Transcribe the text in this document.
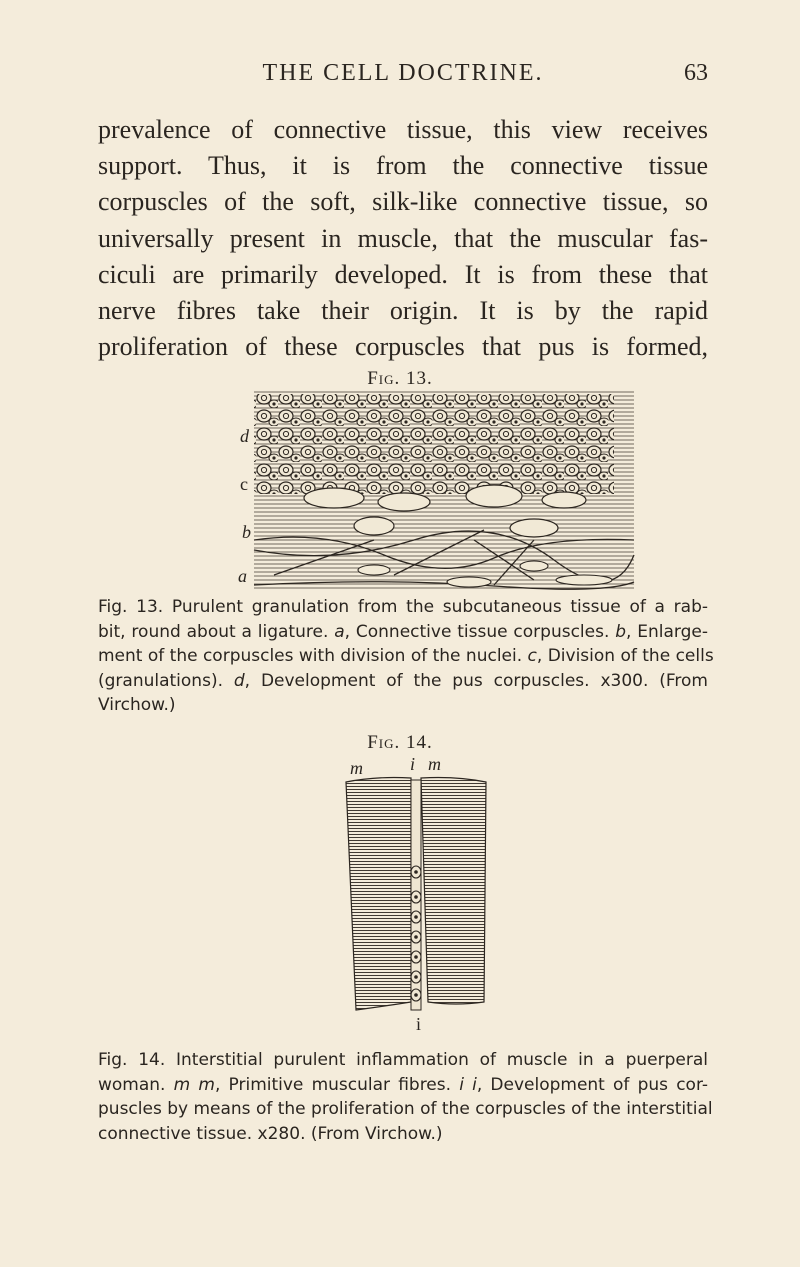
THE CELL DOCTRINE.	63
prevalence of connective tissue, this view receives
support. Thus, it is from the connective tissue
corpuscles of the soft, silk-like connective tissue, so
universally present in muscle, that the muscular fas-
ciculi are primarily developed. It is from these that
nerve fibres take their origin. It is by the rapid
proliferation of these corpuscles that pus is formed,
Fig. 13.
d
c
b
a
Fig. 13. Purulent granulation from the subcutaneous tissue of a rab-
bit, round about a ligature. a, Connective tissue corpuscles. b, Enlarge-
ment of the corpuscles with division of the nuclei. c, Division of the cells
(granulations). d, Development of the pus corpuscles. x300. (From
Virchow.)
Fig. 14.
m	i m
i
Fig. 14. Interstitial purulent inflammation of muscle in a puerperal
woman. m m, Primitive muscular fibres. i i, Development of pus cor-
puscles by means of the proliferation of the corpuscles of the interstitial
connective tissue. x280. (From Virchow.)
